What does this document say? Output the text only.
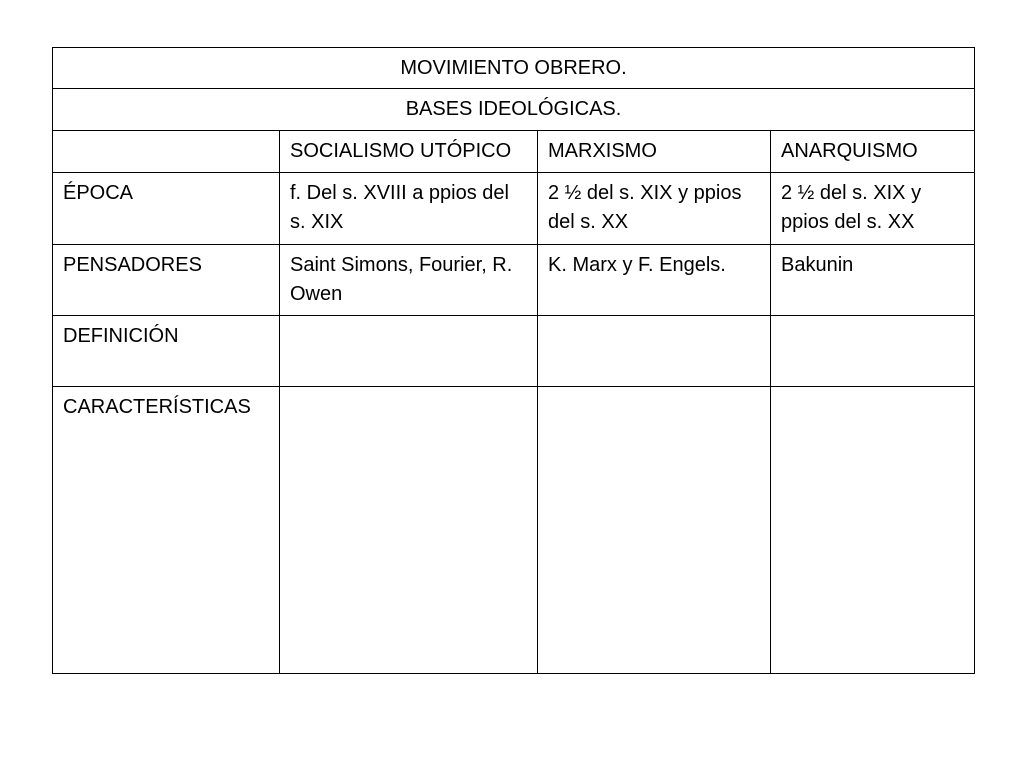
MOVIMIENTO OBRERO.			
BASES IDEOLÓGICAS.			
	SOCIALISMO UTÓPICO	MARXISMO	ANARQUISMO
ÉPOCA	f. Del s. XVIII a ppios del s. XIX	2 ½ del s. XIX y ppios del s. XX	2 ½ del s. XIX y ppios del s. XX
PENSADORES	Saint Simons, Fourier, R. Owen	K. Marx y F. Engels.	Bakunin
DEFINICIÓN			
CARACTERÍSTICAS			
